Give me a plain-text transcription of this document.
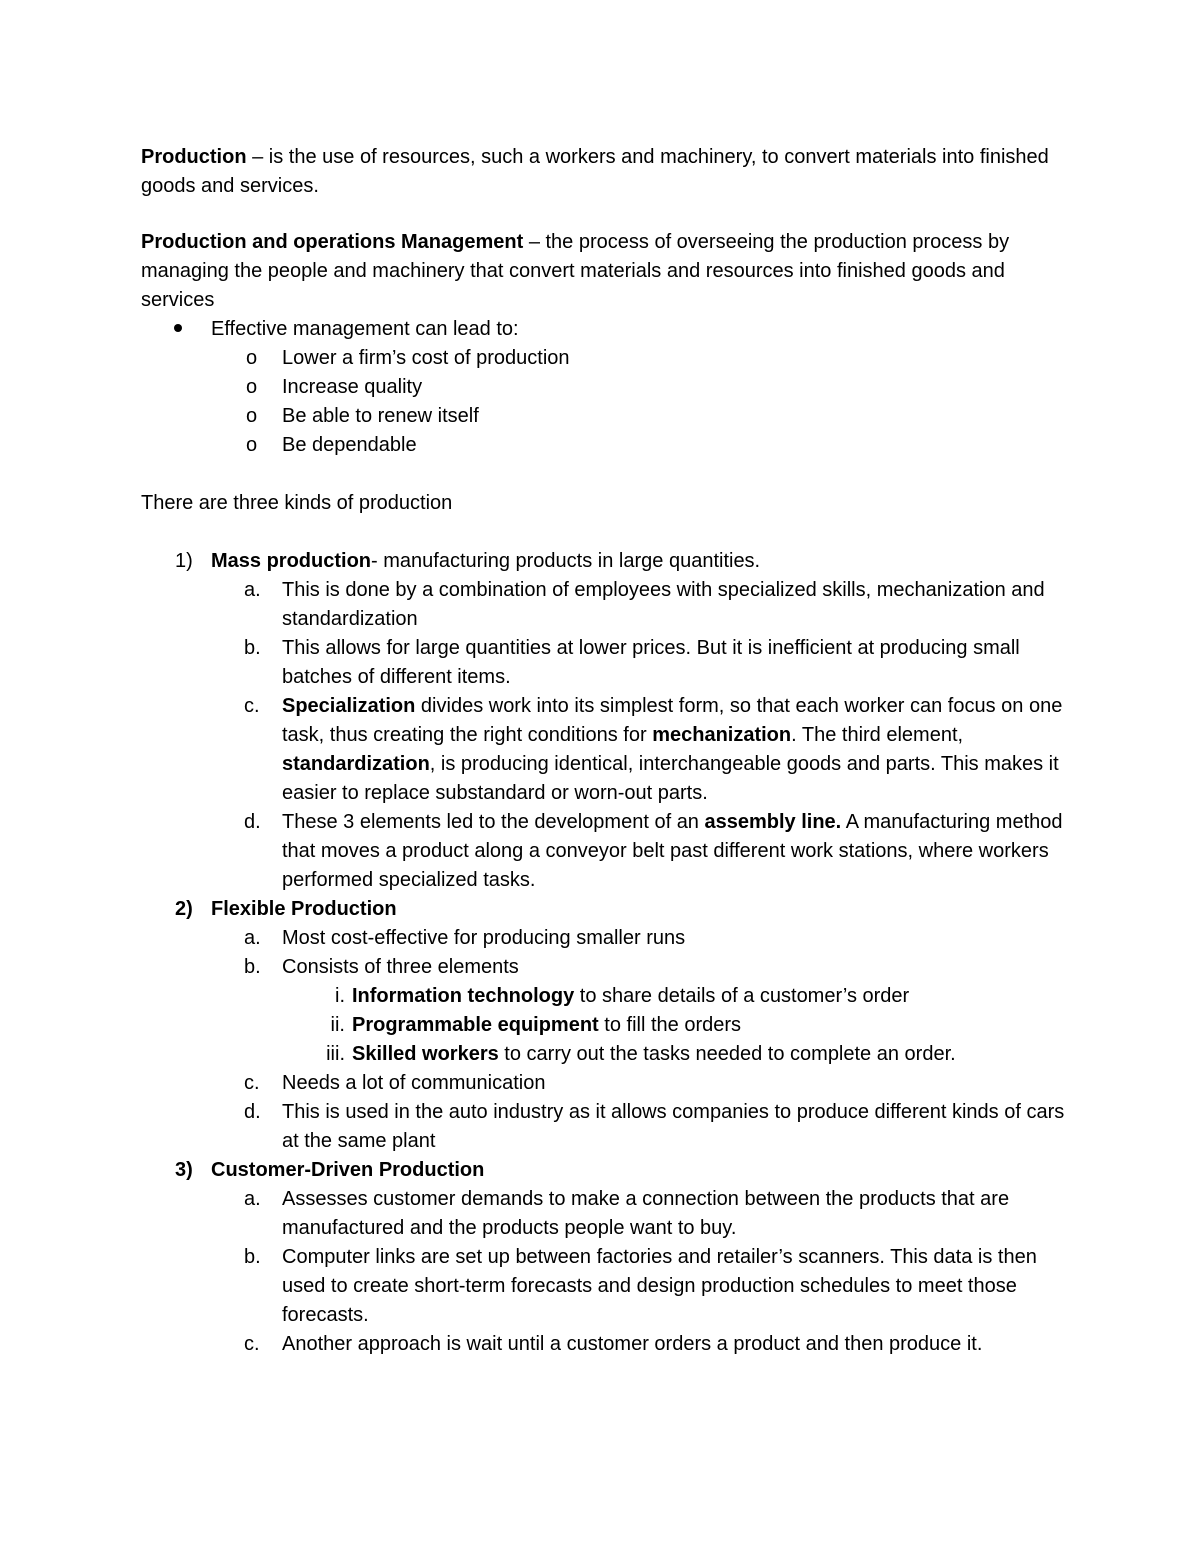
Production – is the use of resources, such a workers and machinery, to convert materials into finished goods and services.

Production and operations Management – the process of overseeing the production process by managing the people and machinery that convert materials and resources into finished goods and services

Effective management can lead to:
o Lower a firm’s cost of production
o Increase quality
o Be able to renew itself
o Be dependable

There are three kinds of production

1) Mass production- manufacturing products in large quantities.
a. This is done by a combination of employees with specialized skills, mechanization and standardization
b. This allows for large quantities at lower prices. But it is inefficient at producing small batches of different items.
c. Specialization divides work into its simplest form, so that each worker can focus on one task, thus creating the right conditions for mechanization. The third element, standardization, is producing identical, interchangeable goods and parts. This makes it easier to replace substandard or worn-out parts.
d. These 3 elements led to the development of an assembly line. A manufacturing method that moves a product along a conveyor belt past different work stations, where workers performed specialized tasks.
2) Flexible Production
a. Most cost-effective for producing smaller runs
b. Consists of three elements
i. Information technology to share details of a customer’s order
ii. Programmable equipment to fill the orders
iii. Skilled workers to carry out the tasks needed to complete an order.
c. Needs a lot of communication
d. This is used in the auto industry as it allows companies to produce different kinds of cars at the same plant
3) Customer-Driven Production
a. Assesses customer demands to make a connection between the products that are manufactured and the products people want to buy.
b. Computer links are set up between factories and retailer’s scanners. This data is then used to create short-term forecasts and design production schedules to meet those forecasts.
c. Another approach is wait until a customer orders a product and then produce it.
